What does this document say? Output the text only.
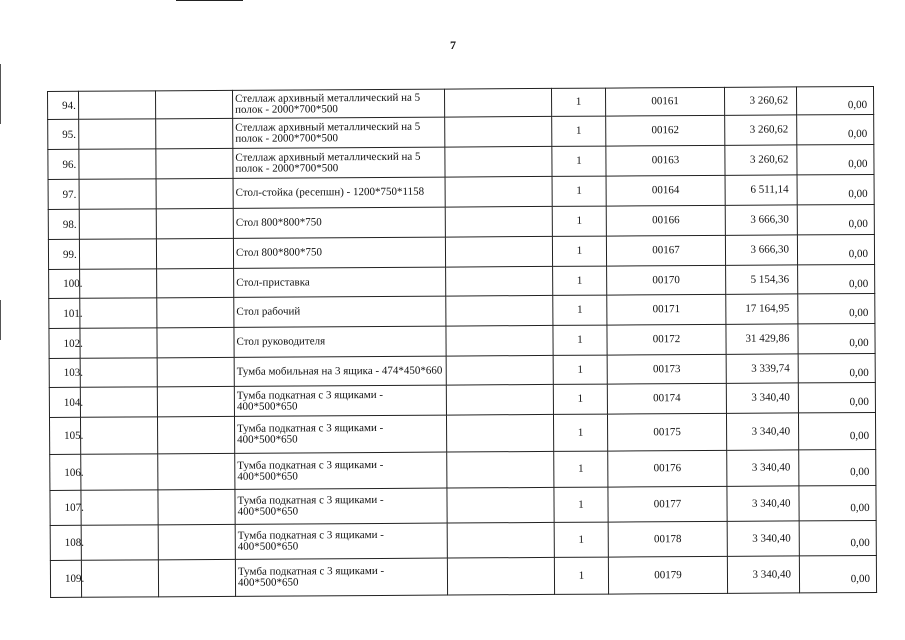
7
94.			Стеллаж архивный металлический на 5 полок - 2000*700*500		1	00161	3 260,62	0,00
95.			Стеллаж архивный металлический на 5 полок - 2000*700*500		1	00162	3 260,62	0,00
96.			Стеллаж архивный металлический на 5 полок - 2000*700*500		1	00163	3 260,62	0,00
97.			Стол-стойка (ресепшн) - 1200*750*1158		1	00164	6 511,14	0,00
98.			Стол 800*800*750		1	00166	3 666,30	0,00
99.			Стол 800*800*750		1	00167	3 666,30	0,00
100.			Стол-приставка		1	00170	5 154,36	0,00
101.			Стол рабочий		1	00171	17 164,95	0,00
102.			Стол руководителя		1	00172	31 429,86	0,00
103.			Тумба мобильная на 3 ящика - 474*450*660		1	00173	3 339,74	0,00
104.			Тумба подкатная с 3 ящиками - 400*500*650		1	00174	3 340,40	0,00
105.			Тумба подкатная с 3 ящиками - 400*500*650		1	00175	3 340,40	0,00
106.			Тумба подкатная с 3 ящиками - 400*500*650		1	00176	3 340,40	0,00
107.			Тумба подкатная с 3 ящиками - 400*500*650		1	00177	3 340,40	0,00
108.			Тумба подкатная с 3 ящиками - 400*500*650		1	00178	3 340,40	0,00
109.			Тумба подкатная с 3 ящиками - 400*500*650		1	00179	3 340,40	0,00
